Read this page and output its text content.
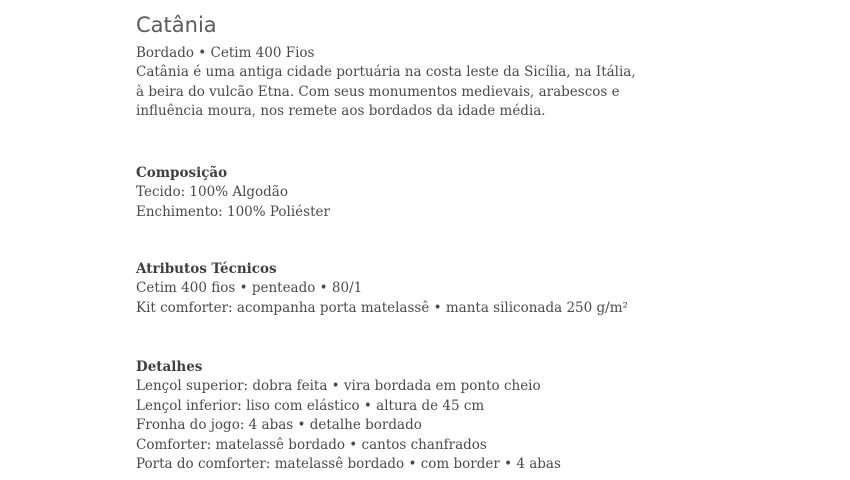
Catânia

Bordado • Cetim 400 Fios

Catânia é uma antiga cidade portuária na costa leste da Sicília, na Itália,

à beira do vulcão Etna. Com seus monumentos medievais, arabescos e

influência moura, nos remete aos bordados da idade média.

Composição

Tecido: 100% Algodão

Enchimento: 100% Poliéster

Atributos Técnicos

Cetim 400 fios • penteado • 80/1

Kit comforter: acompanha porta matelassê • manta siliconada 250 g/m²

Detalhes

Lençol superior: dobra feita • vira bordada em ponto cheio

Lençol inferior: liso com elástico • altura de 45 cm

Fronha do jogo: 4 abas • detalhe bordado

Comforter: matelassê bordado • cantos chanfrados

Porta do comforter: matelassê bordado • com border • 4 abas
